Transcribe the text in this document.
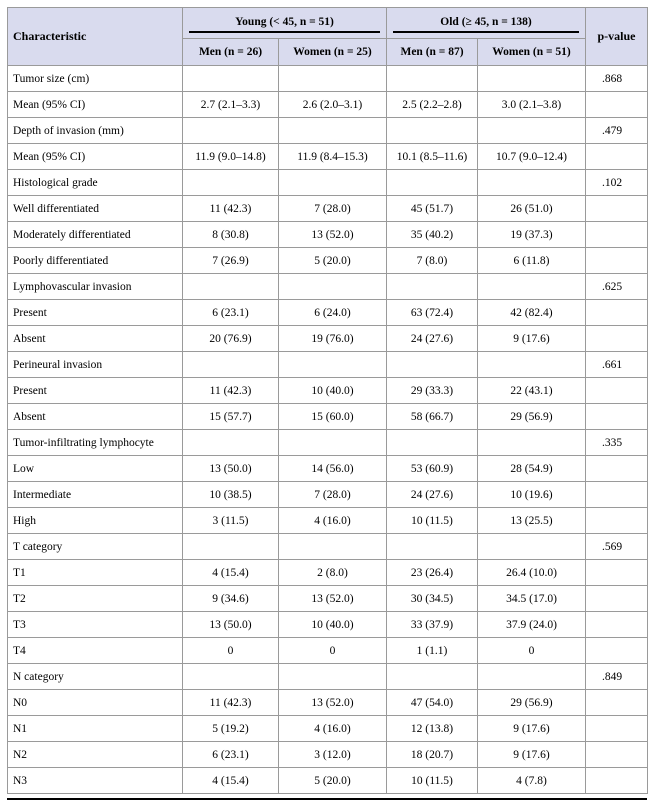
Characteristic	Young (< 45, n = 51)		Old (≥ 45, n = 138)		p-value
	Men (n = 26)	Women (n = 25)	Men (n = 87)	Women (n = 51)	
Tumor size (cm)					.868
Mean (95% CI)	2.7 (2.1–3.3)	2.6 (2.0–3.1)	2.5 (2.2–2.8)	3.0 (2.1–3.8)	
Depth of invasion (mm)					.479
Mean (95% CI)	11.9 (9.0–14.8)	11.9 (8.4–15.3)	10.1 (8.5–11.6)	10.7 (9.0–12.4)	
Histological grade					.102
Well differentiated	11 (42.3)	7 (28.0)	45 (51.7)	26 (51.0)	
Moderately differentiated	8 (30.8)	13 (52.0)	35 (40.2)	19 (37.3)	
Poorly differentiated	7 (26.9)	5 (20.0)	7 (8.0)	6 (11.8)	
Lymphovascular invasion					.625
Present	6 (23.1)	6 (24.0)	63 (72.4)	42 (82.4)	
Absent	20 (76.9)	19 (76.0)	24 (27.6)	9 (17.6)	
Perineural invasion					.661
Present	11 (42.3)	10 (40.0)	29 (33.3)	22 (43.1)	
Absent	15 (57.7)	15 (60.0)	58 (66.7)	29 (56.9)	
Tumor-infiltrating lymphocyte					.335
Low	13 (50.0)	14 (56.0)	53 (60.9)	28 (54.9)	
Intermediate	10 (38.5)	7 (28.0)	24 (27.6)	10 (19.6)	
High	3 (11.5)	4 (16.0)	10 (11.5)	13 (25.5)	
T category					.569
T1	4 (15.4)	2 (8.0)	23 (26.4)	26.4 (10.0)	
T2	9 (34.6)	13 (52.0)	30 (34.5)	34.5 (17.0)	
T3	13 (50.0)	10 (40.0)	33 (37.9)	37.9 (24.0)	
T4	0	0	1 (1.1)	0	
N category					.849
N0	11 (42.3)	13 (52.0)	47 (54.0)	29 (56.9)	
N1	5 (19.2)	4 (16.0)	12 (13.8)	9 (17.6)	
N2	6 (23.1)	3 (12.0)	18 (20.7)	9 (17.6)	
N3	4 (15.4)	5 (20.0)	10 (11.5)	4 (7.8)	
